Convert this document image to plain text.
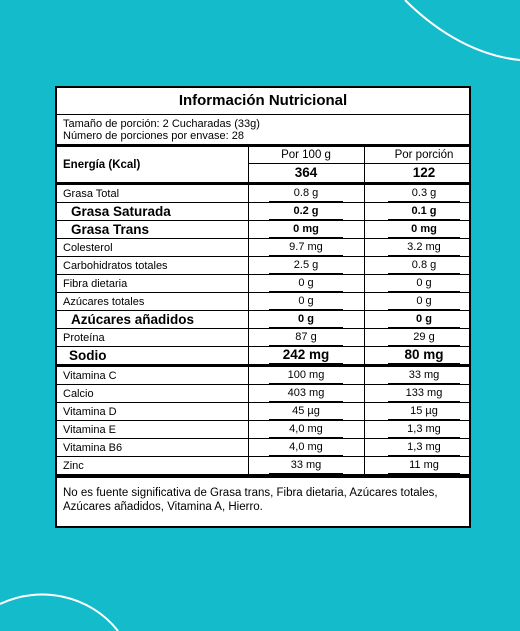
Información Nutricional
Tamaño de porción: 2 Cucharadas (33g)
Número de porciones por envase: 28
Energía (Kcal)	Por 100 g	Por porción
	364	122
Grasa Total	0.8 g	0.3 g
Grasa Saturada	0.2 g	0.1 g
Grasa Trans	0 mg	0 mg
Colesterol	9.7 mg	3.2 mg
Carbohidratos totales	2.5 g	0.8 g
Fibra dietaria	0 g	0 g
Azúcares totales	0 g	0 g
Azúcares añadidos	0 g	0 g
Proteína	87 g	29 g
Sodio	242 mg	80 mg
Vitamina C	100 mg	33 mg
Calcio	403 mg	133 mg
Vitamina D	45 µg	15 µg
Vitamina E	4,0 mg	1,3 mg
Vitamina B6	4,0 mg	1,3 mg
Zinc	33 mg	11 mg
No es fuente significativa de Grasa trans, Fibra dietaria, Azúcares totales, Azúcares añadidos, Vitamina A, Hierro.
